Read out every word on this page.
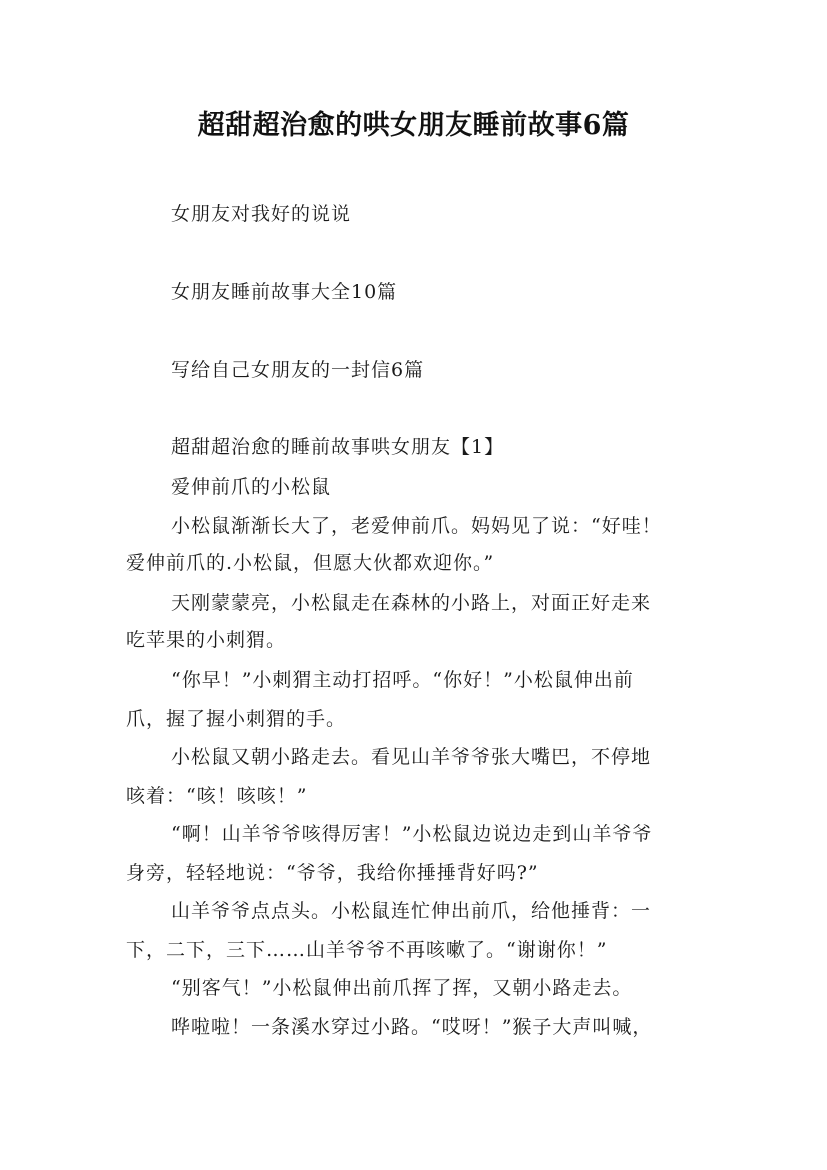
超甜超治愈的哄女朋友睡前故事6篇
女朋友对我好的说说
女朋友睡前故事大全10篇
写给自己女朋友的一封信6篇
超甜超治愈的睡前故事哄女朋友【1】
爱伸前爪的小松鼠
小松鼠渐渐长大了，老爱伸前爪。妈妈见了说：“好哇！
爱伸前爪的.小松鼠，但愿大伙都欢迎你。”
天刚蒙蒙亮，小松鼠走在森林的小路上，对面正好走来
吃苹果的小刺猬。
“你早！”小刺猬主动打招呼。“你好！”小松鼠伸出前
爪，握了握小刺猬的手。
小松鼠又朝小路走去。看见山羊爷爷张大嘴巴，不停地
咳着：“咳！咳咳！”
“啊！山羊爷爷咳得厉害！”小松鼠边说边走到山羊爷爷
身旁，轻轻地说：“爷爷，我给你捶捶背好吗?”
山羊爷爷点点头。小松鼠连忙伸出前爪，给他捶背：一
下，二下，三下……山羊爷爷不再咳嗽了。“谢谢你！”
“别客气！”小松鼠伸出前爪挥了挥，又朝小路走去。
哗啦啦！一条溪水穿过小路。“哎呀！”猴子大声叫喊，
